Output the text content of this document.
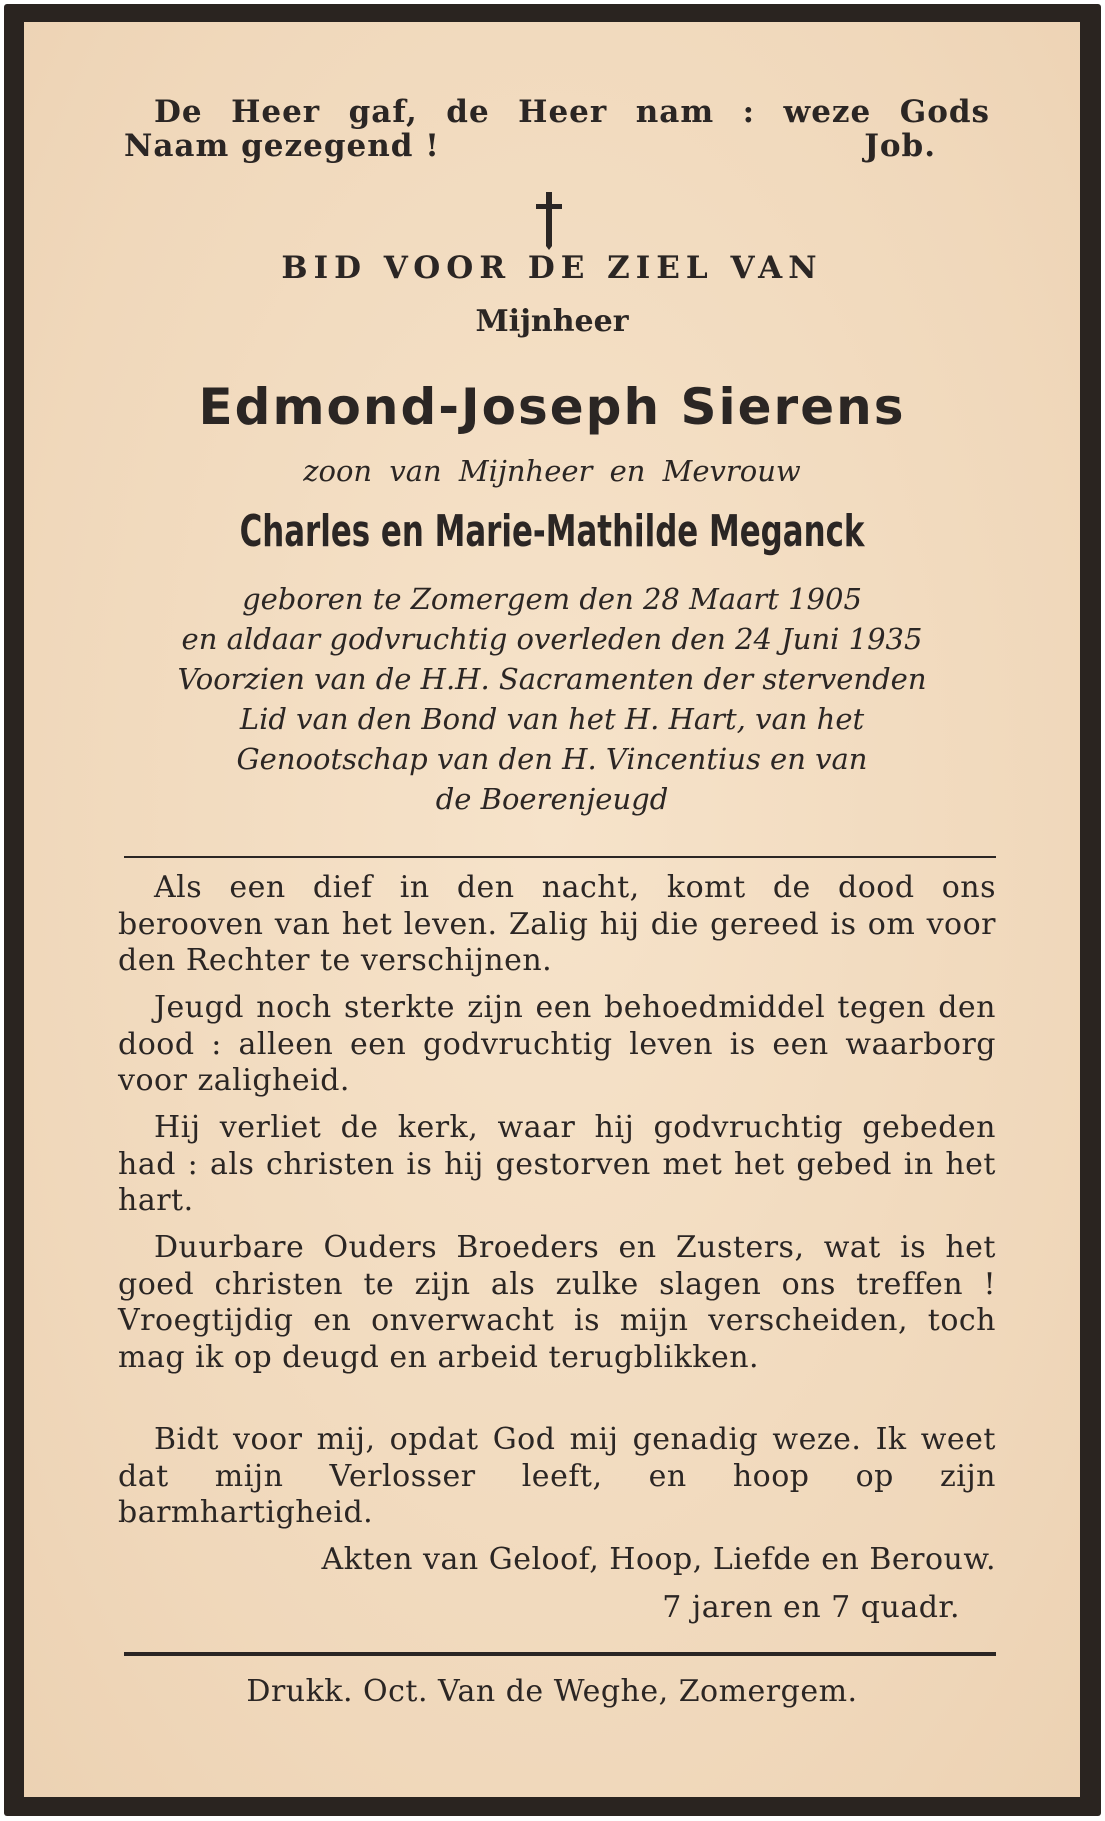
De Heer gaf, de Heer nam : weze Gods
Naam gezegend !	Job.
BID VOOR DE ZIEL VAN
Mijnheer
Edmond-Joseph Sierens
zoon van Mijnheer en Mevrouw
Charles en Marie-Mathilde Meganck
geboren te Zomergem den 28 Maart 1905
en aldaar godvruchtig overleden den 24 Juni 1935
Voorzien van de H.H. Sacramenten der stervenden
Lid van den Bond van het H. Hart, van het
Genootschap van den H. Vincentius en van
de Boerenjeugd
Als een dief in den nacht, komt de dood ons berooven van het leven. Zalig hij die gereed is om voor den Rechter te verschijnen.
Jeugd noch sterkte zijn een behoedmiddel tegen den dood : alleen een godvruchtig leven is een waarborg voor zaligheid.
Hij verliet de kerk, waar hij godvruchtig gebeden had : als christen is hij gestorven met het gebed in het hart.
Duurbare Ouders Broeders en Zusters, wat is het goed christen te zijn als zulke slagen ons treffen ! Vroegtijdig en onverwacht is mijn verscheiden, toch mag ik op deugd en arbeid terugblikken.
Bidt voor mij, opdat God mij genadig weze. Ik weet dat mijn Verlosser leeft, en hoop op zijn barmhartigheid.
Akten van Geloof, Hoop, Liefde en Berouw.
7 jaren en 7 quadr.
Drukk. Oct. Van de Weghe, Zomergem.
